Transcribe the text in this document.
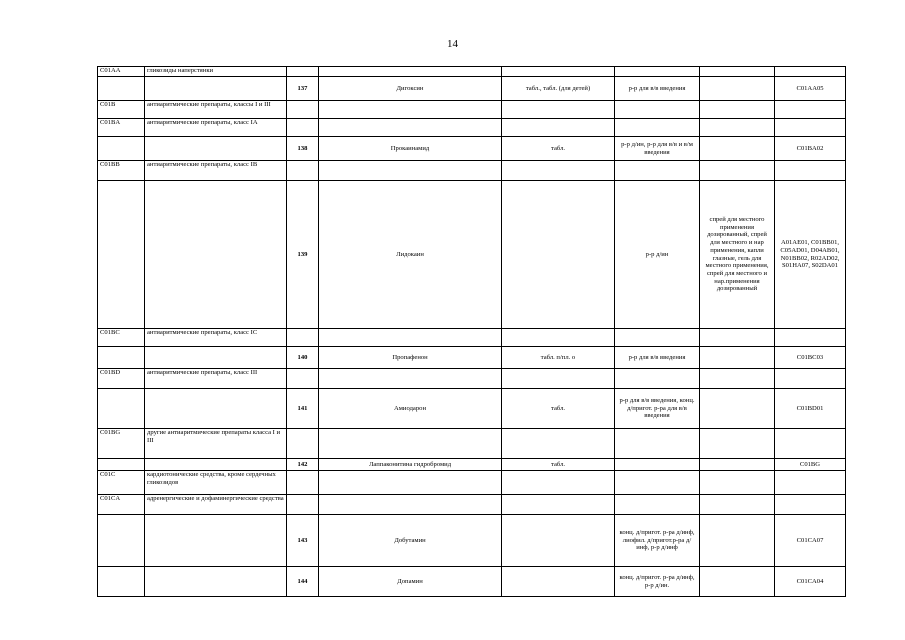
14
C01AA	гликозиды наперстянки						
		137	Дигоксин	табл., табл. (для детей)	р-р для в/в введения		C01AA05
C01B	антиаритмические препараты, классы I и III						
C01BA	антиаритмические препараты, класс IA						
		138	Прокаинамид	табл.	р-р д/ин, р-р для в/в и в/м введения		C01BA02
C01BB	антиаритмические препараты, класс IB						
		139	Лидокаин		р-р д/ин	спрей для местного применения дозированный, спрей для местного и нар применения, капли глазные, гель для местного применения, спрей для местного и нар.применения дозированный	A01AE01, C01BB01, C05AD01, D04AB01, N01BB02, R02AD02, S01HA07, S02DA01
C01BC	антиаритмические препараты, класс IC						
		140	Пропафенон	табл. п/пл. о	р-р для в/в введения		C01BC03
C01BD	антиаритмические препараты, класс III						
		141	Амиодарон	табл.	р-р для в/в введения, конц. д/пригот. р-ра для в/в введения		C01BD01
C01BG	другие антиаритмические препараты класса I и III						
		142	Лаппаконитина гидробромид	табл.			C01BG
C01C	кардиотонические средства, кроме сердечных гликозидов						
C01CA	адренергические и дофаминергические средства						
		143	Добутамин		конц. д/пригот. р-ра д/инф, лиофил. д/пригот.р-ра д/инф, р-р д/инф		C01CA07
		144	Допамин		конц. д/пригот. р-ра д/инф, р-р д/ин.		C01CA04
